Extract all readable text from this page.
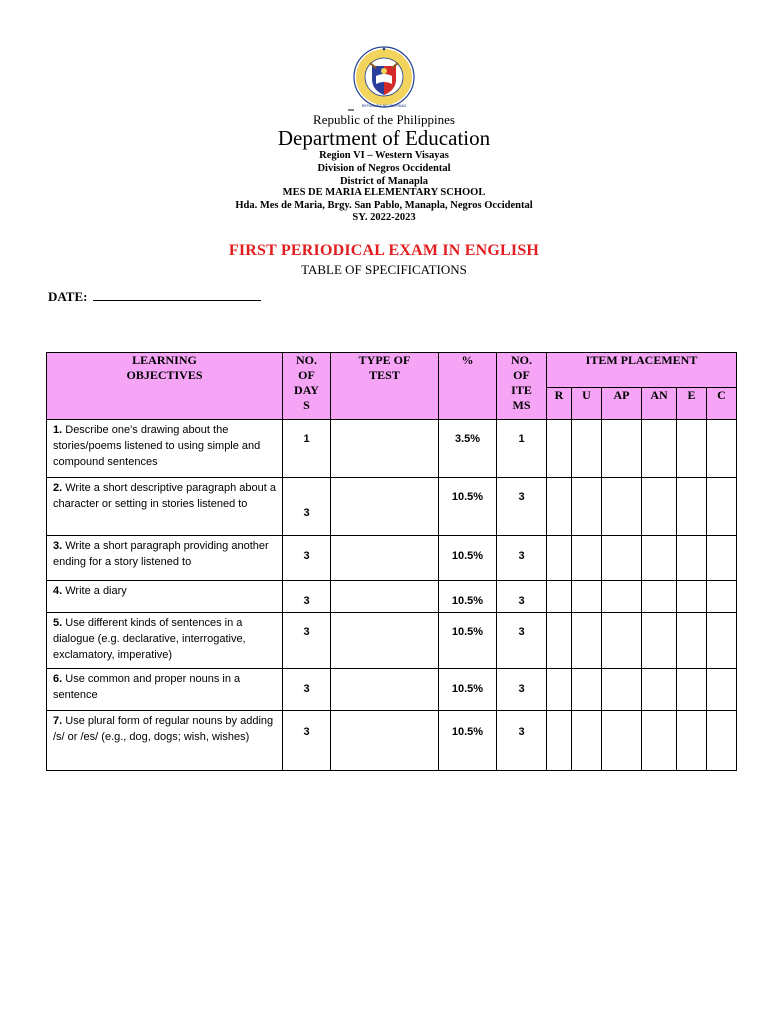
REPUBLIKA NG PILIPINAS
Republic of the Philippines
Department of Education
Region VI – Western Visayas
Division of Negros Occidental
District of Manapla
MES DE MARIA ELEMENTARY SCHOOL
Hda. Mes de Maria, Brgy. San Pablo, Manapla, Negros Occidental
SY. 2022-2023
FIRST PERIODICAL EXAM IN ENGLISH
TABLE OF SPECIFICATIONS
DATE:
LEARNING
OBJECTIVES	NO.
OF
DAY
S	TYPE OF
TEST	%	NO.
OF
ITE
MS	ITEM PLACEMENT					
					R	U	AP	AN	E	C
1. Describe one’s drawing about the stories/poems listened to using simple and compound sentences	1		3.5%	1						
2. Write a short descriptive paragraph about a character or setting in stories listened to	3		10.5%	3						
3. Write a short paragraph providing another ending for a story listened to	3		10.5%	3						
4. Write a diary	3		10.5%	3						
5. Use different kinds of sentences in a dialogue (e.g. declarative, interrogative, exclamatory, imperative)	3		10.5%	3						
6. Use common and proper nouns in a sentence	3		10.5%	3						
7. Use plural form of regular nouns by adding /s/ or /es/ (e.g., dog, dogs; wish, wishes)	3		10.5%	3						
